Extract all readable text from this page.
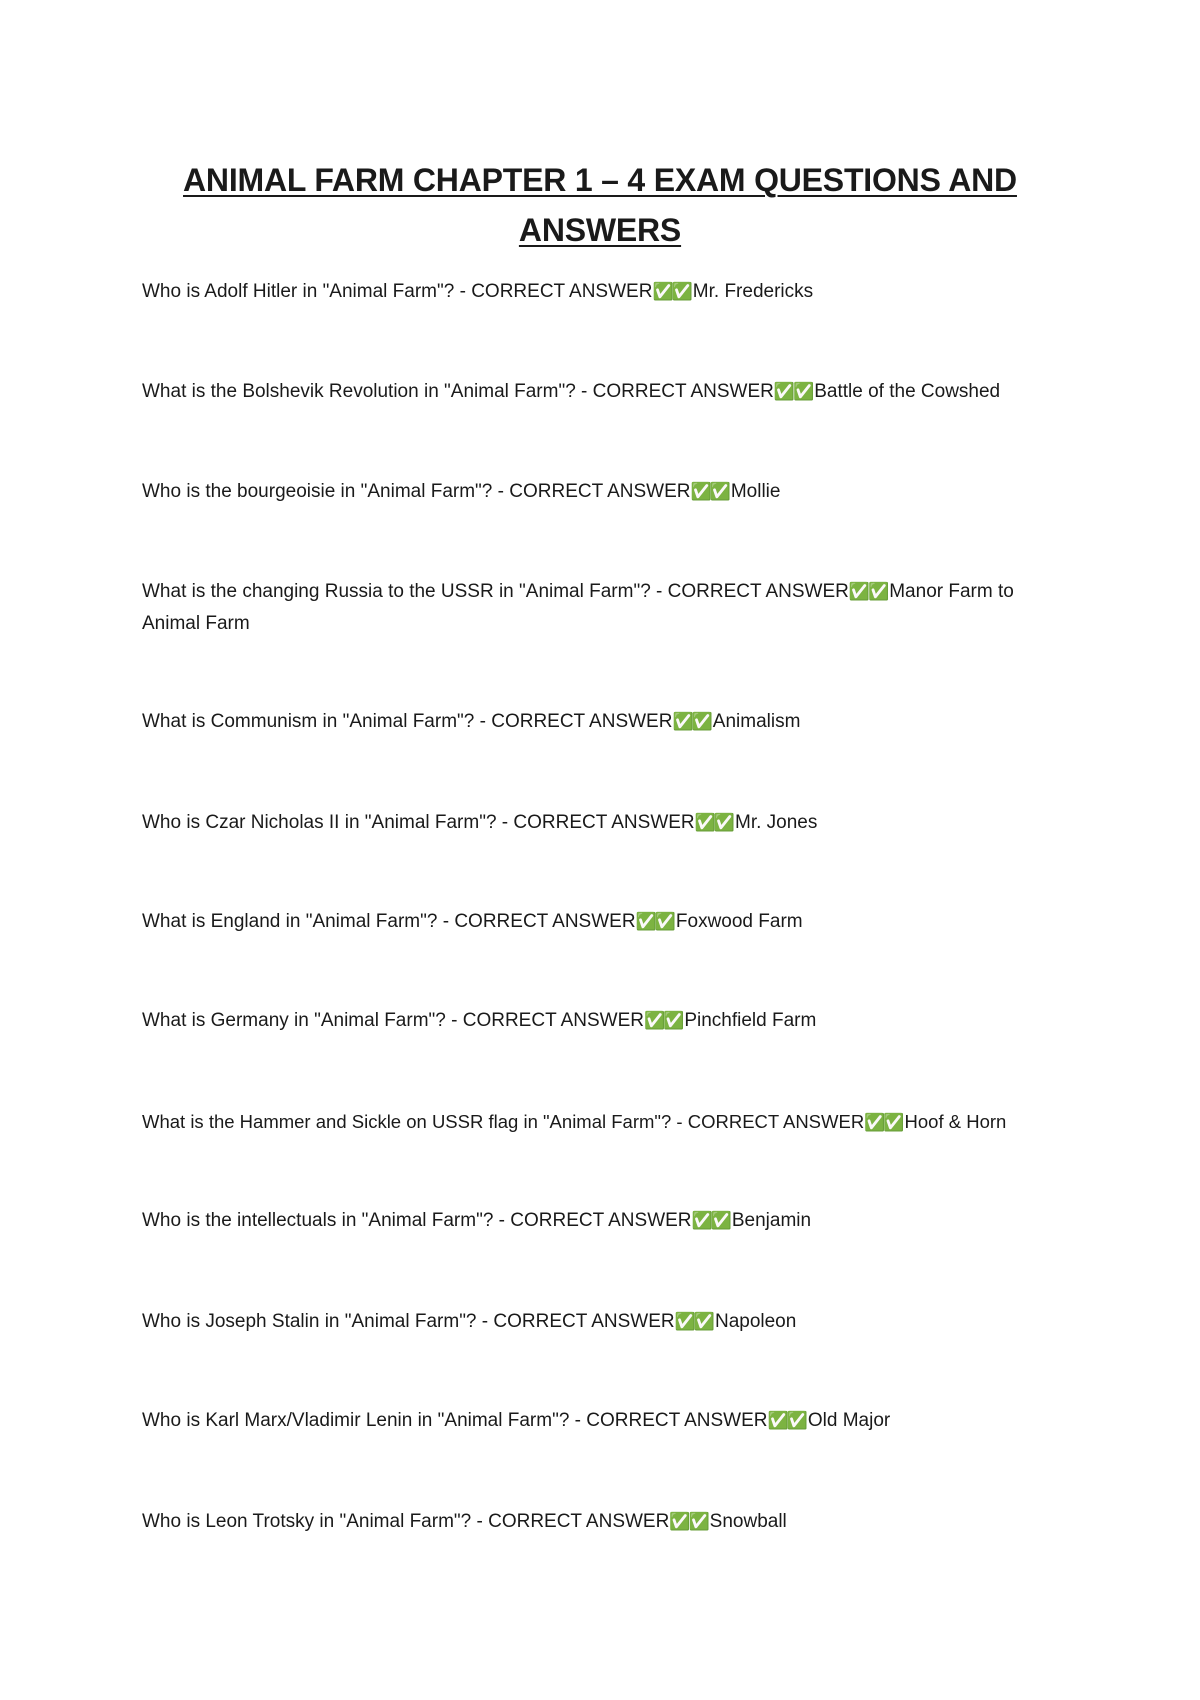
ANIMAL FARM CHAPTER 1 – 4 EXAM QUESTIONS AND
ANSWERS
Who is Adolf Hitler in "Animal Farm"? - CORRECT ANSWER✅✅ Mr. Fredericks
What is the Bolshevik Revolution in "Animal Farm"? - CORRECT ANSWER✅✅ Battle of the Cowshed
Who is the bourgeoisie in "Animal Farm"? - CORRECT ANSWER✅✅ Mollie
What is the changing Russia to the USSR in "Animal Farm"? - CORRECT ANSWER✅✅ Manor Farm to Animal Farm
What is Communism in "Animal Farm"? - CORRECT ANSWER✅✅ Animalism
Who is Czar Nicholas II in "Animal Farm"? - CORRECT ANSWER✅✅ Mr. Jones
What is England in "Animal Farm"? - CORRECT ANSWER✅✅ Foxwood Farm
What is Germany in "Animal Farm"? - CORRECT ANSWER✅✅ Pinchfield Farm
What is the Hammer and Sickle on USSR flag in "Animal Farm"? - CORRECT ANSWER✅✅ Hoof & Horn
Who is the intellectuals in "Animal Farm"? - CORRECT ANSWER✅✅ Benjamin
Who is Joseph Stalin in "Animal Farm"? - CORRECT ANSWER✅✅ Napoleon
Who is Karl Marx/Vladimir Lenin in "Animal Farm"? - CORRECT ANSWER✅✅ Old Major
Who is Leon Trotsky in "Animal Farm"? - CORRECT ANSWER✅✅ Snowball
